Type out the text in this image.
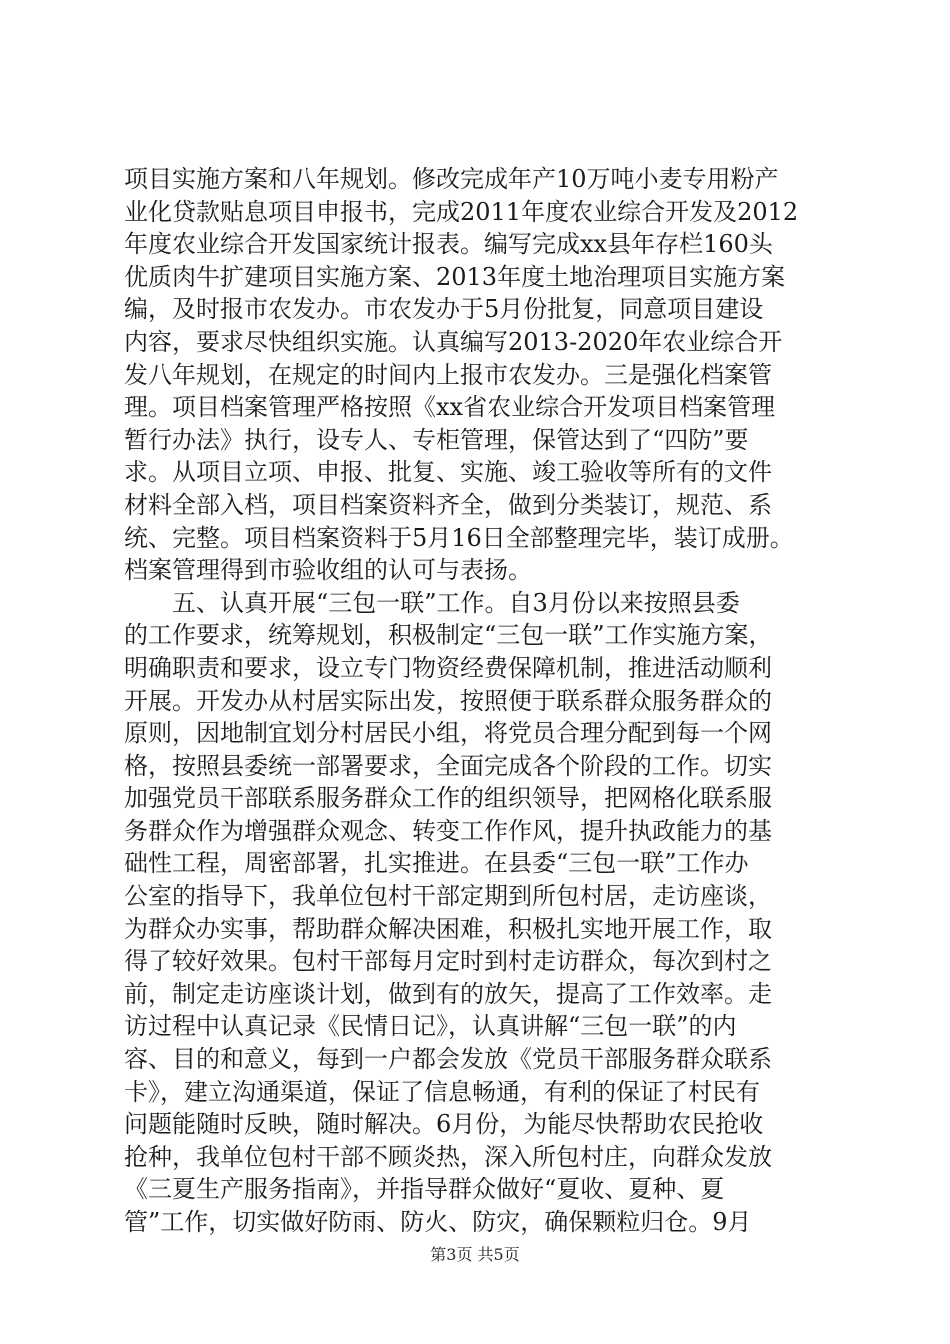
项目实施方案和八年规划。修改完成年产10万吨小麦专用粉产
业化贷款贴息项目申报书，完成2011年度农业综合开发及2012
年度农业综合开发国家统计报表。编写完成xx县年存栏160头
优质肉牛扩建项目实施方案、2013年度土地治理项目实施方案
编，及时报市农发办。市农发办于5月份批复，同意项目建设
内容，要求尽快组织实施。认真编写2013-2020年农业综合开
发八年规划，在规定的时间内上报市农发办。三是强化档案管
理。项目档案管理严格按照《xx省农业综合开发项目档案管理
暂行办法》执行，设专人、专柜管理，保管达到了“四防”要
求。从项目立项、申报、批复、实施、竣工验收等所有的文件
材料全部入档，项目档案资料齐全，做到分类装订，规范、系
统、完整。项目档案资料于5月16日全部整理完毕，装订成册。
档案管理得到市验收组的认可与表扬。
　　五、认真开展“三包一联”工作。自3月份以来按照县委
的工作要求，统筹规划，积极制定“三包一联”工作实施方案，
明确职责和要求，设立专门物资经费保障机制，推进活动顺利
开展。开发办从村居实际出发，按照便于联系群众服务群众的
原则，因地制宜划分村居民小组，将党员合理分配到每一个网
格，按照县委统一部署要求，全面完成各个阶段的工作。切实
加强党员干部联系服务群众工作的组织领导，把网格化联系服
务群众作为增强群众观念、转变工作作风，提升执政能力的基
础性工程，周密部署，扎实推进。在县委“三包一联”工作办
公室的指导下，我单位包村干部定期到所包村居，走访座谈，
为群众办实事，帮助群众解决困难，积极扎实地开展工作，取
得了较好效果。包村干部每月定时到村走访群众，每次到村之
前，制定走访座谈计划，做到有的放矢，提高了工作效率。走
访过程中认真记录《民情日记》，认真讲解“三包一联”的内
容、目的和意义，每到一户都会发放《党员干部服务群众联系
卡》，建立沟通渠道，保证了信息畅通，有利的保证了村民有
问题能随时反映，随时解决。6月份，为能尽快帮助农民抢收
抢种，我单位包村干部不顾炎热，深入所包村庄，向群众发放
《三夏生产服务指南》，并指导群众做好“夏收、夏种、夏
管”工作，切实做好防雨、防火、防灾，确保颗粒归仓。9月
第3页 共5页
